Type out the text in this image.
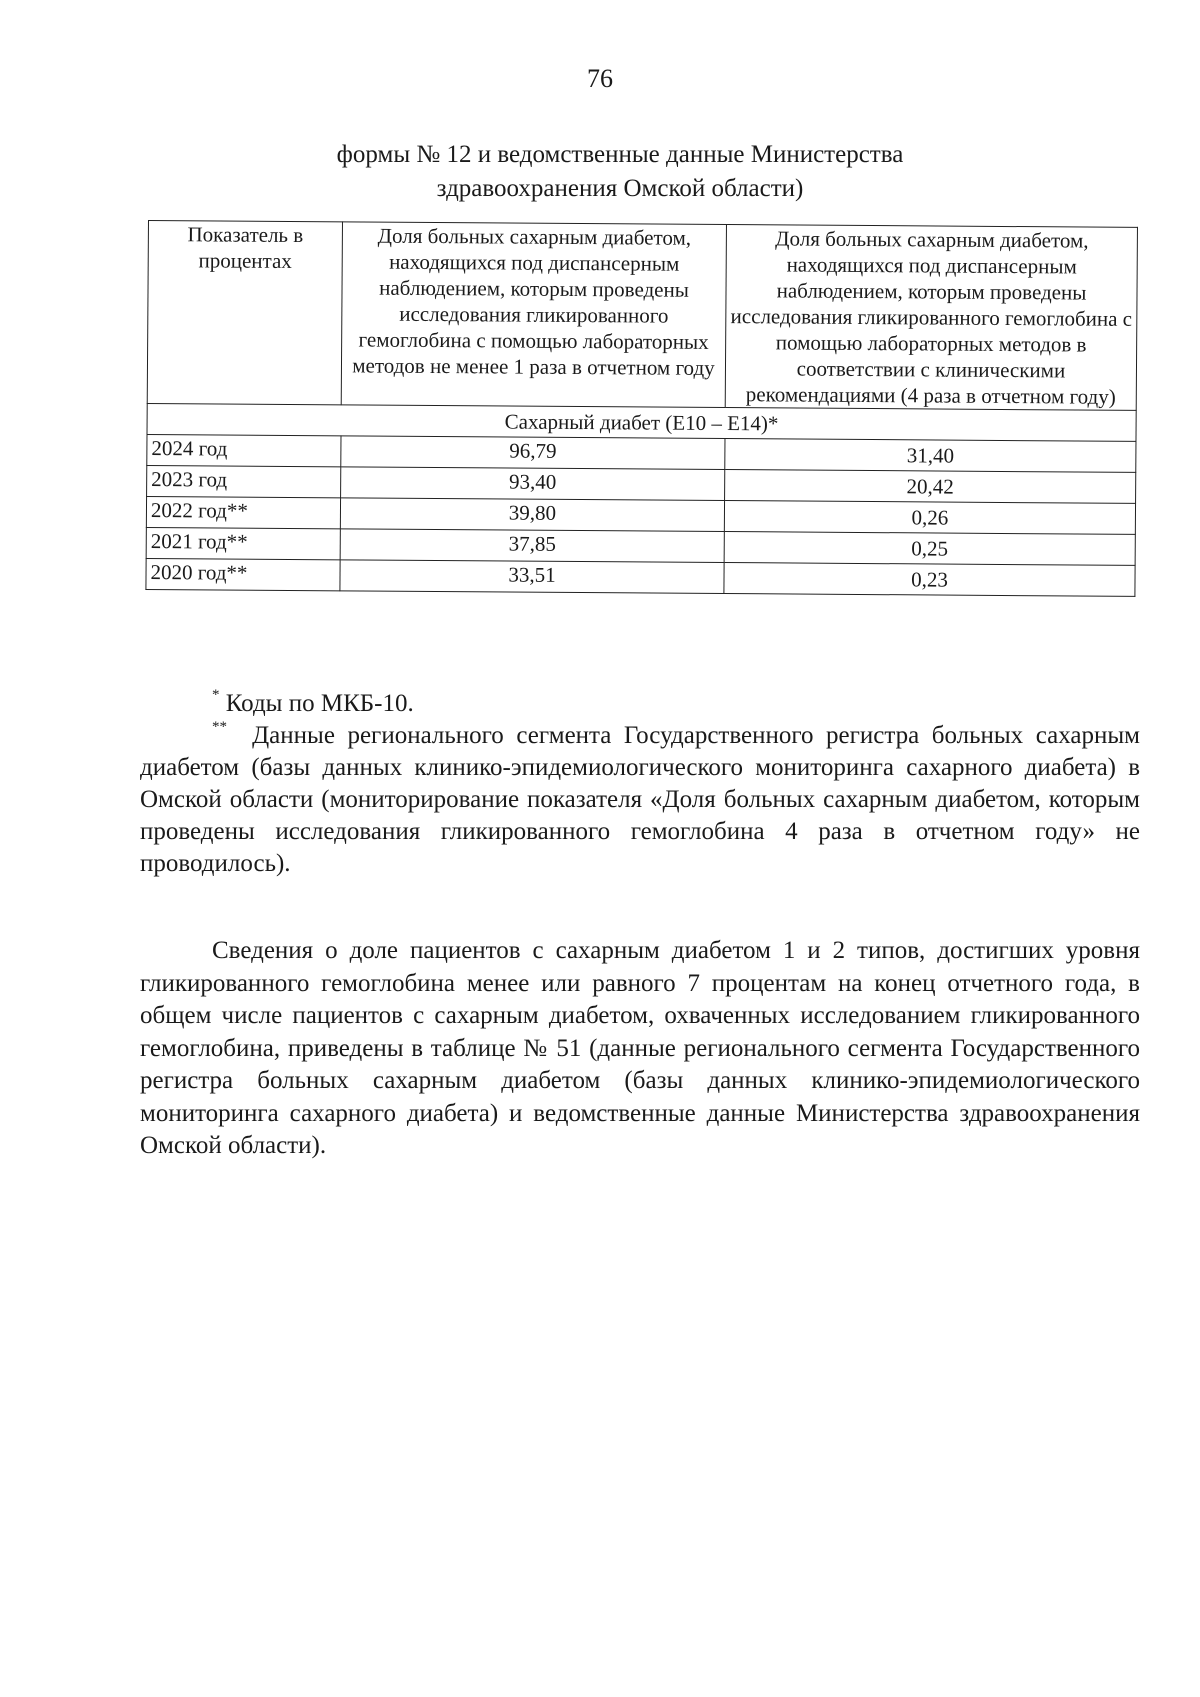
76
формы № 12 и ведомственные данные Министерства
здравоохранения Омской области)
Показатель в процентах	Доля больных сахарным диабетом, находящихся под диспансерным наблюдением, которым проведены исследования гликированного гемоглобина с помощью лабораторных методов не менее 1 раза в отчетном году	Доля больных сахарным диабетом, находящихся под диспансерным наблюдением, которым проведены исследования гликированного гемоглобина с помощью лабораторных методов в соответствии с клиническими рекомендациями (4 раза в отчетном году)
Сахарный диабет (Е10 – Е14)*		
2024 год	96,79	31,40
2023 год	93,40	20,42
2022 год**	39,80	0,26
2021 год**	37,85	0,25
2020 год**	33,51	0,23
* Коды по МКБ-10.
** Данные регионального сегмента Государственного регистра больных сахарным диабетом (базы данных клинико-эпидемиологического мониторинга сахарного диабета) в Омской области (мониторирование показателя «Доля больных сахарным диабетом, которым проведены исследования гликированного гемоглобина 4 раза в отчетном году» не проводилось).

Сведения о доле пациентов с сахарным диабетом 1 и 2 типов, достигших уровня гликированного гемоглобина менее или равного 7 процентам на конец отчетного года, в общем числе пациентов с сахарным диабетом, охваченных исследованием гликированного гемоглобина, приведены в таблице № 51 (данные регионального сегмента Государственного регистра больных сахарным диабетом (базы данных клинико-эпидемиологического мониторинга сахарного диабета) и ведомственные данные Министерства здравоохранения Омской области).
